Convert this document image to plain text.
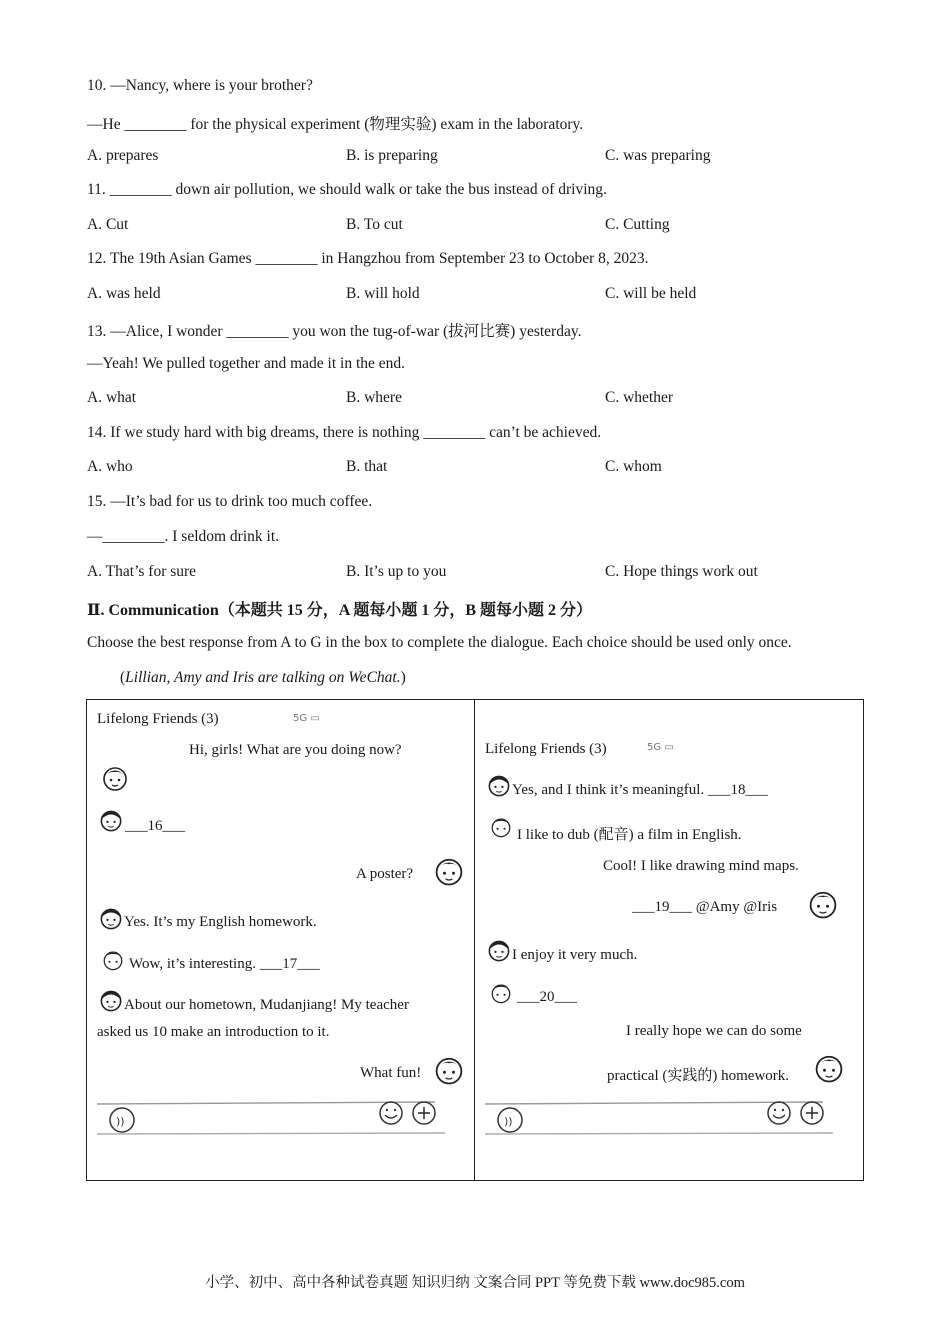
10. —Nancy, where is your brother?
—He ________ for the physical experiment (物理实验) exam in the laboratory.
A. prepares	B. is preparing	C. was preparing
11. ________ down air pollution, we should walk or take the bus instead of driving.
A. Cut	B. To cut	C. Cutting
12. The 19th Asian Games ________ in Hangzhou from September 23 to October 8, 2023.
A. was held	B. will hold	C. will be held
13. —Alice, I wonder ________ you won the tug-of-war (拔河比赛) yesterday.
—Yeah! We pulled together and made it in the end.
A. what	B. where	C. whether
14. If we study hard with big dreams, there is nothing ________ can’t be achieved.
A. who	B. that	C. whom
15. —It’s bad for us to drink too much coffee.
—________. I seldom drink it.
A. That’s for sure	B. It’s up to you	C. Hope things work out
Ⅱ. Communication（本题共 15 分，A 题每小题 1 分，B 题每小题 2 分）
Choose the best response from A to G in the box to complete the dialogue. Each choice should be used only once.
(Lillian, Amy and Iris are talking on WeChat.)
Lifelong Friends (3)	5G ▭
Hi, girls! What are you doing now?
___16___
A poster?
Yes. It’s my English homework.
Wow, it’s interesting. ___17___
About our hometown, Mudanjiang! My teacher
asked us 10 make an introduction to it.
What fun!
))
Lifelong Friends (3)	5G ▭
Yes, and I think it’s meaningful. ___18___
I like to dub (配音) a film in English.
Cool! I like drawing mind maps.
___19___ @Amy @Iris
I enjoy it very much.
___20___
I really hope we can do some
practical (实践的) homework.
))
小学、初中、高中各种试卷真题 知识归纳 文案合同 PPT 等免费下载 www.doc985.com
